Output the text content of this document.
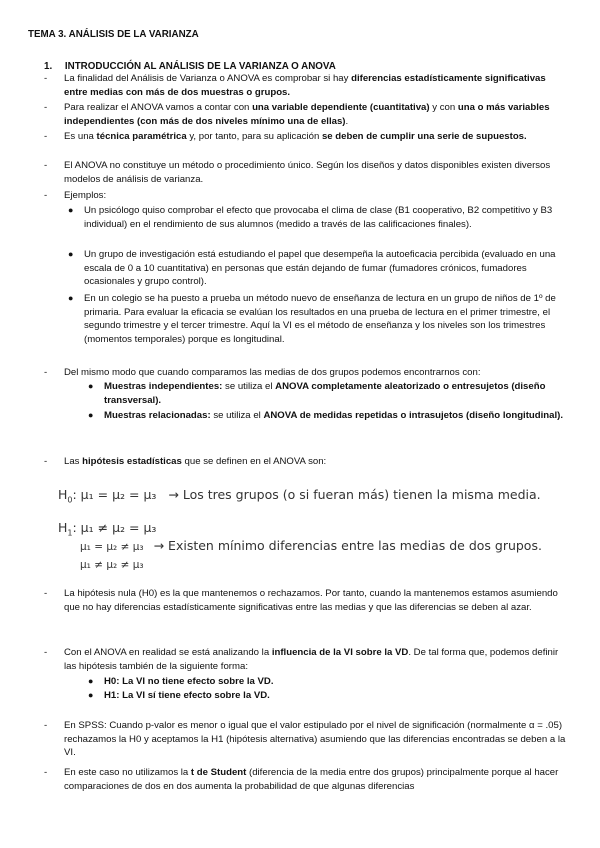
TEMA 3. ANÁLISIS DE LA VARIANZA
1. INTRODUCCIÓN AL ANÁLISIS DE LA VARIANZA O ANOVA
- La finalidad del Análisis de Varianza o ANOVA es comprobar si hay diferencias estadísticamente significativas entre medias con más de dos muestras o grupos.
- Para realizar el ANOVA vamos a contar con una variable dependiente (cuantitativa) y con una o más variables independientes (con más de dos niveles mínimo una de ellas).
- Es una técnica paramétrica y, por tanto, para su aplicación se deben de cumplir una serie de supuestos.
- El ANOVA no constituye un método o procedimiento único. Según los diseños y datos disponibles existen diversos modelos de análisis de varianza.
- Ejemplos:
● Un psicólogo quiso comprobar el efecto que provocaba el clima de clase (B1 cooperativo, B2 competitivo y B3 individual) en el rendimiento de sus alumnos (medido a través de las calificaciones finales).
● Un grupo de investigación está estudiando el papel que desempeña la autoeficacia percibida (evaluado en una escala de 0 a 10 cuantitativa) en personas que están dejando de fumar (fumadores crónicos, fumadores ocasionales y grupo control).
● En un colegio se ha puesto a prueba un método nuevo de enseñanza de lectura en un grupo de niños de 1º de primaria. Para evaluar la eficacia se evalúan los resultados en una prueba de lectura en el primer trimestre, el segundo trimestre y el tercer trimestre. Aquí la VI es el método de enseñanza y los niveles son los trimestres (momentos temporales) porque es longitudinal.
- Del mismo modo que cuando comparamos las medias de dos grupos podemos encontrarnos con:
● Muestras independientes: se utiliza el ANOVA completamente aleatorizado o entresujetos (diseño transversal).
● Muestras relacionadas: se utiliza el ANOVA de medidas repetidas o intrasujetos (diseño longitudinal).
- Las hipótesis estadísticas que se definen en el ANOVA son:
$H_0$: μ₁ = μ₂ = μ₃ → Los tres grupos (o si fueran más) tienen la misma media.
$H_1$: μ₁ ≠ μ₂ = μ₃
μ₁ = μ₂ ≠ μ₃ → Existen mínimo diferencias entre las medias de dos grupos.
μ₁ ≠ μ₂ ≠ μ₃
- La hipótesis nula (H0) es la que mantenemos o rechazamos. Por tanto, cuando la mantenemos estamos asumiendo que no hay diferencias estadísticamente significativas entre las medias y que las diferencias se deben al azar.
- Con el ANOVA en realidad se está analizando la influencia de la VI sobre la VD. De tal forma que, podemos definir las hipótesis también de la siguiente forma:
● H0: La VI no tiene efecto sobre la VD.
● H1: La VI sí tiene efecto sobre la VD.
- En SPSS: Cuando p-valor es menor o igual que el valor estipulado por el nivel de significación (normalmente α = .05) rechazamos la H0 y aceptamos la H1 (hipótesis alternativa) asumiendo que las diferencias encontradas se deben a la VI.
- En este caso no utilizamos la t de Student (diferencia de la media entre dos grupos) principalmente porque al hacer comparaciones de dos en dos aumenta la probabilidad de que algunas diferencias
